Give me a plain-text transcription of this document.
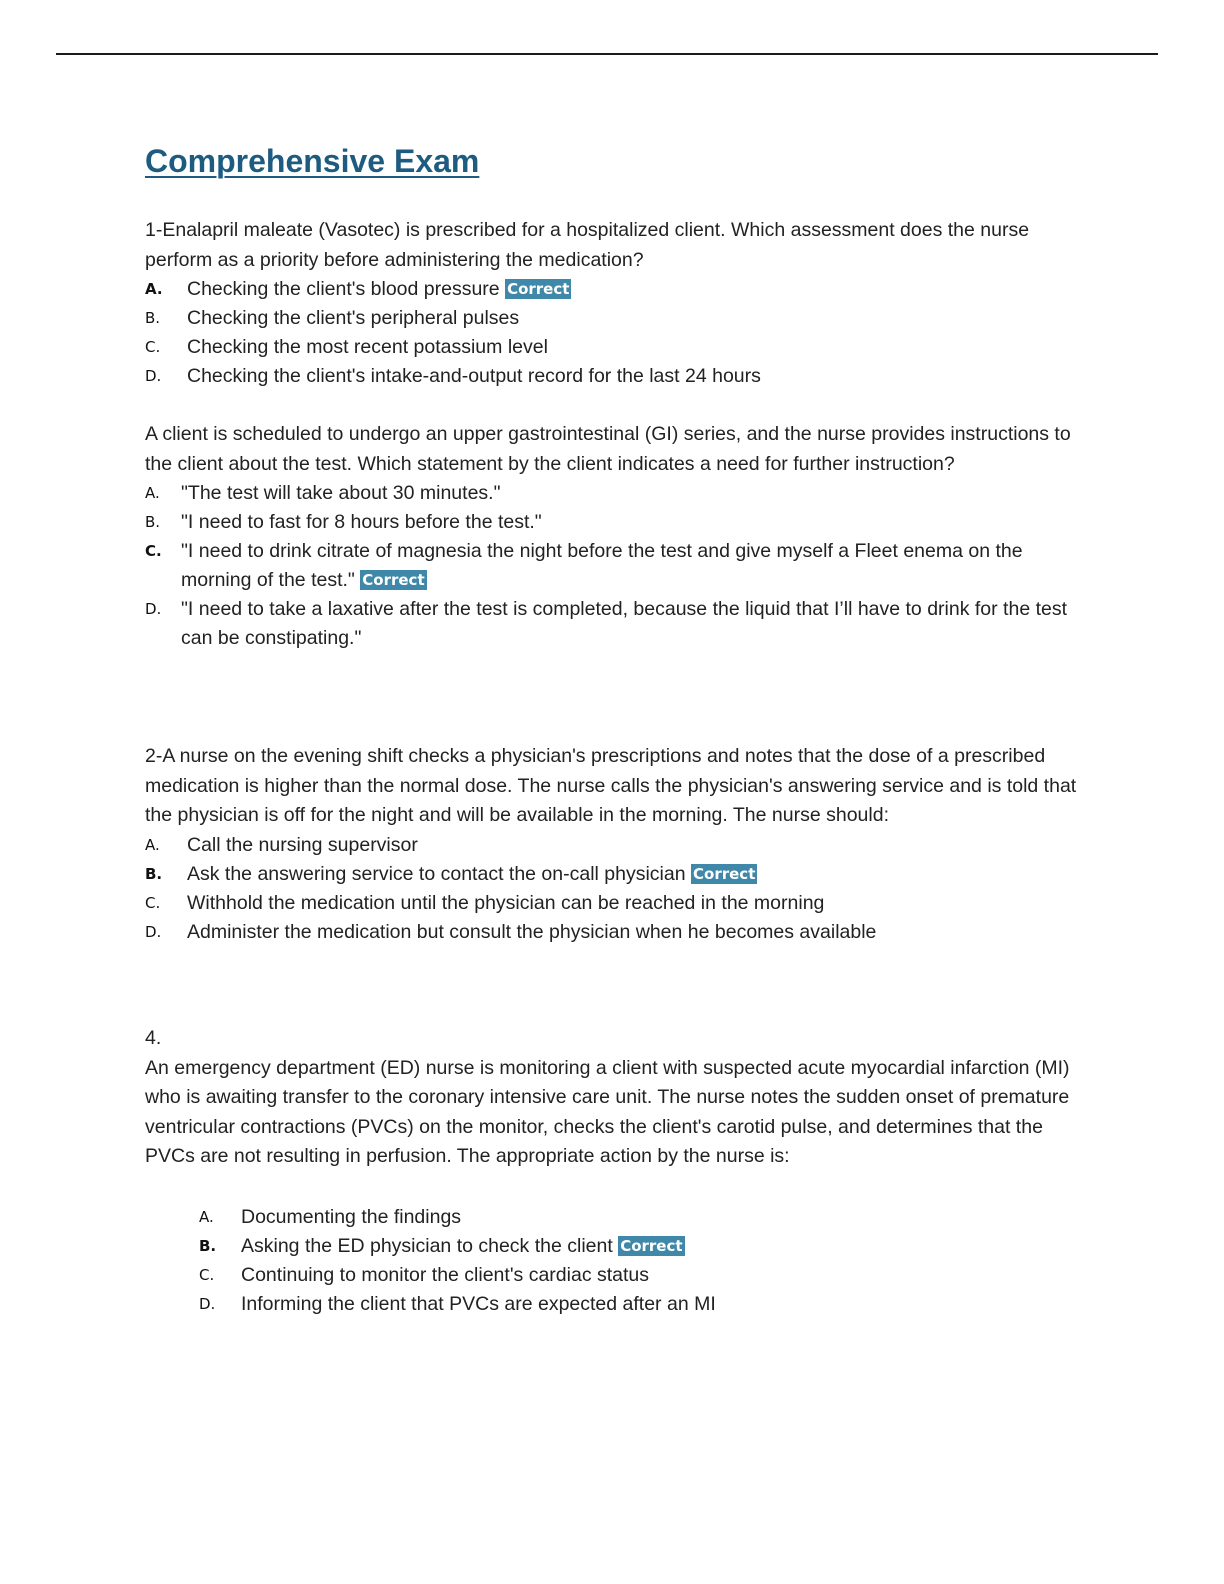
Comprehensive Exam

1-Enalapril maleate (Vasotec) is prescribed for a hospitalized client. Which assessment does the nurse perform as a priority before administering the medication?

A. Checking the client's blood pressure Correct
B. Checking the client's peripheral pulses
C. Checking the most recent potassium level
D. Checking the client's intake-and-output record for the last 24 hours

A client is scheduled to undergo an upper gastrointestinal (GI) series, and the nurse provides instructions to the client about the test. Which statement by the client indicates a need for further instruction?

A. "The test will take about 30 minutes."
B. "I need to fast for 8 hours before the test."
C. "I need to drink citrate of magnesia the night before the test and give myself a Fleet enema on the morning of the test." Correct
D. "I need to take a laxative after the test is completed, because the liquid that I’ll have to drink for the test can be constipating."

2-A nurse on the evening shift checks a physician's prescriptions and notes that the dose of a prescribed medication is higher than the normal dose. The nurse calls the physician's answering service and is told that the physician is off for the night and will be available in the morning. The nurse should:

A. Call the nursing supervisor
B. Ask the answering service to contact the on-call physician Correct
C. Withhold the medication until the physician can be reached in the morning
D. Administer the medication but consult the physician when he becomes available

4.

An emergency department (ED) nurse is monitoring a client with suspected acute myocardial infarction (MI) who is awaiting transfer to the coronary intensive care unit. The nurse notes the sudden onset of premature ventricular contractions (PVCs) on the monitor, checks the client's carotid pulse, and determines that the PVCs are not resulting in perfusion. The appropriate action by the nurse is:

A. Documenting the findings
B. Asking the ED physician to check the client Correct
C. Continuing to monitor the client's cardiac status
D. Informing the client that PVCs are expected after an MI
